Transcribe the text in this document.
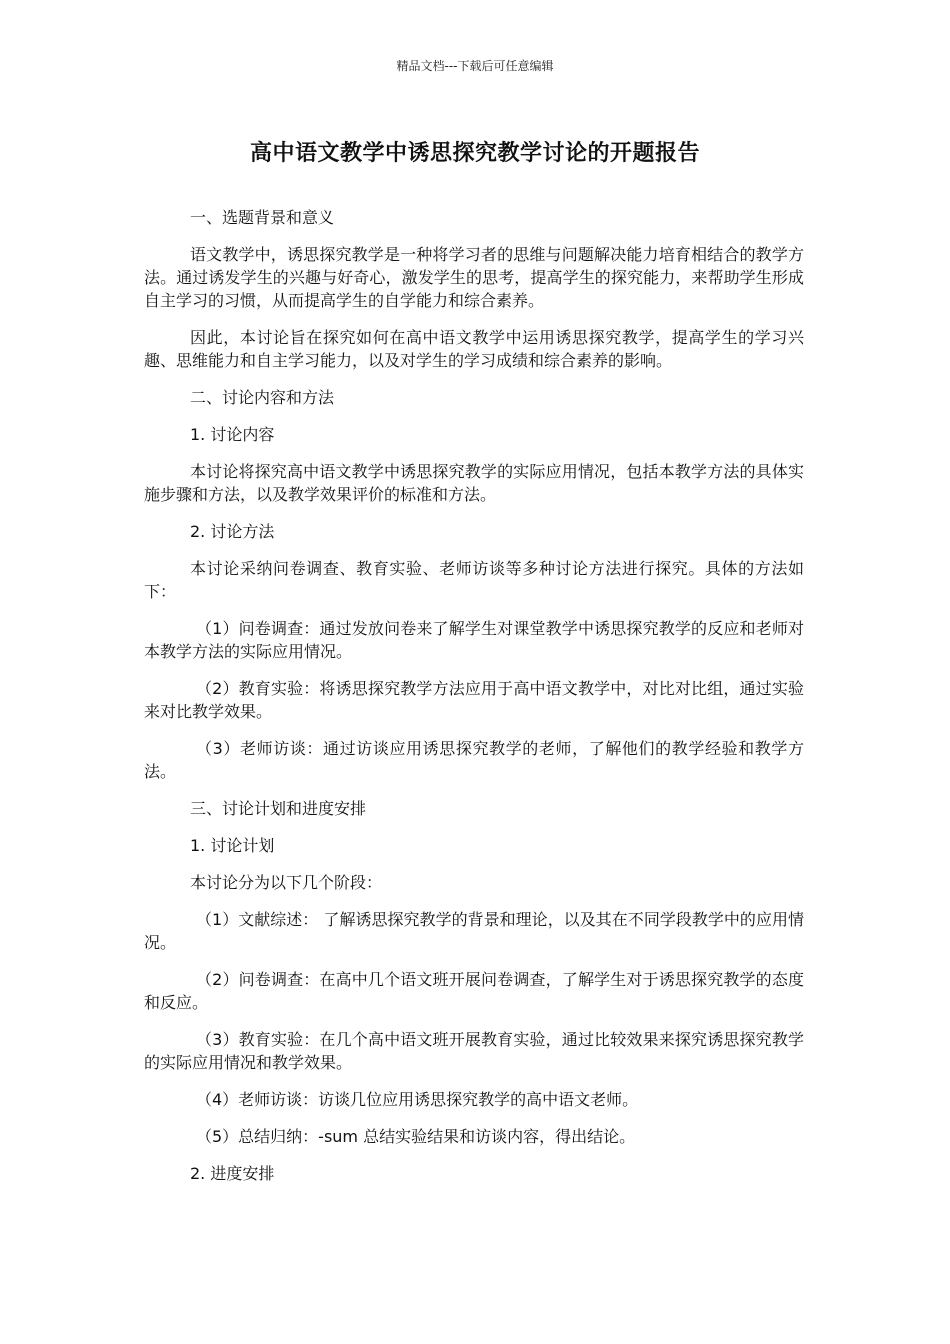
精品文档---下载后可任意编辑
高中语文教学中诱思探究教学讨论的开题报告

一、选题背景和意义

语文教学中，诱思探究教学是一种将学习者的思维与问题解决能力培育相结合的教学方法。通过诱发学生的兴趣与好奇心，激发学生的思考，提高学生的探究能力，来帮助学生形成自主学习的习惯，从而提高学生的自学能力和综合素养。

因此，本讨论旨在探究如何在高中语文教学中运用诱思探究教学，提高学生的学习兴趣、思维能力和自主学习能力，以及对学生的学习成绩和综合素养的影响。

二、讨论内容和方法

1. 讨论内容

本讨论将探究高中语文教学中诱思探究教学的实际应用情况，包括本教学方法的具体实施步骤和方法，以及教学效果评价的标准和方法。

2. 讨论方法

本讨论采纳问卷调查、教育实验、老师访谈等多种讨论方法进行探究。具体的方法如下：

（1）问卷调查：通过发放问卷来了解学生对课堂教学中诱思探究教学的反应和老师对本教学方法的实际应用情况。

（2）教育实验：将诱思探究教学方法应用于高中语文教学中，对比对比组，通过实验来对比教学效果。

（3）老师访谈：通过访谈应用诱思探究教学的老师，了解他们的教学经验和教学方法。

三、讨论计划和进度安排

1. 讨论计划

本讨论分为以下几个阶段：

（1）文献综述： 了解诱思探究教学的背景和理论，以及其在不同学段教学中的应用情况。

（2）问卷调查：在高中几个语文班开展问卷调查，了解学生对于诱思探究教学的态度和反应。

（3）教育实验：在几个高中语文班开展教育实验，通过比较效果来探究诱思探究教学的实际应用情况和教学效果。

（4）老师访谈：访谈几位应用诱思探究教学的高中语文老师。

（5）总结归纳：-sum 总结实验结果和访谈内容，得出结论。

2. 进度安排
